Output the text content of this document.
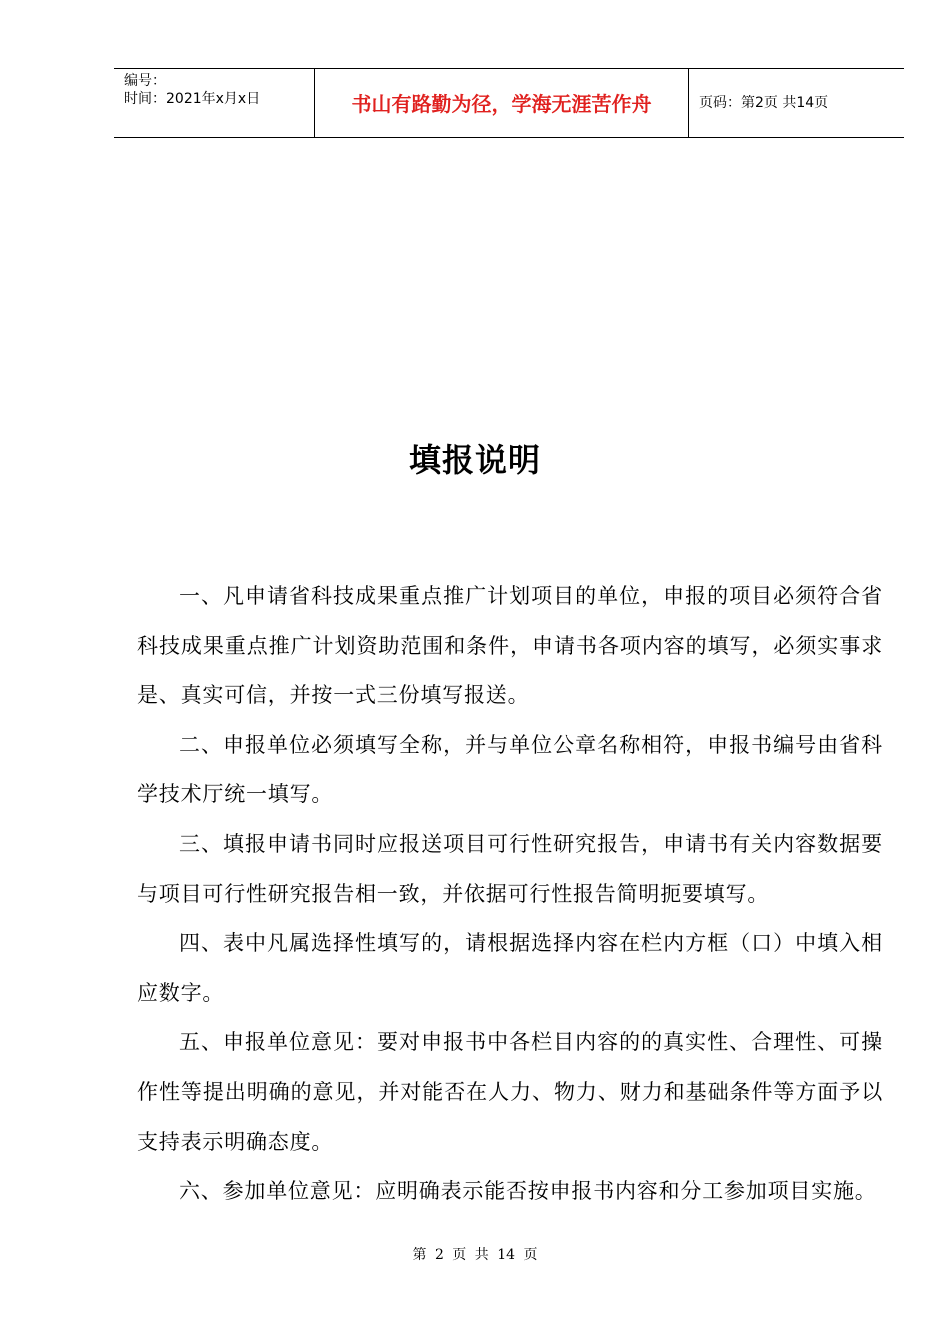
编号：
时间：2021年x月x日	书山有路勤为径，学海无涯苦作舟	页码：第2页 共14页
填报说明

一、凡申请省科技成果重点推广计划项目的单位，申报的项目必须符合省科技成果重点推广计划资助范围和条件，申请书各项内容的填写，必须实事求是、真实可信，并按一式三份填写报送。

二、申报单位必须填写全称，并与单位公章名称相符，申报书编号由省科学技术厅统一填写。

三、填报申请书同时应报送项目可行性研究报告，申请书有关内容数据要与项目可行性研究报告相一致，并依据可行性报告简明扼要填写。

四、表中凡属选择性填写的，请根据选择内容在栏内方框（口）中填入相应数字。

五、申报单位意见：要对申报书中各栏目内容的的真实性、合理性、可操作性等提出明确的意见，并对能否在人力、物力、财力和基础条件等方面予以支持表示明确态度。

六、参加单位意见：应明确表示能否按申报书内容和分工参加项目实施。

第 2 页 共 14 页
